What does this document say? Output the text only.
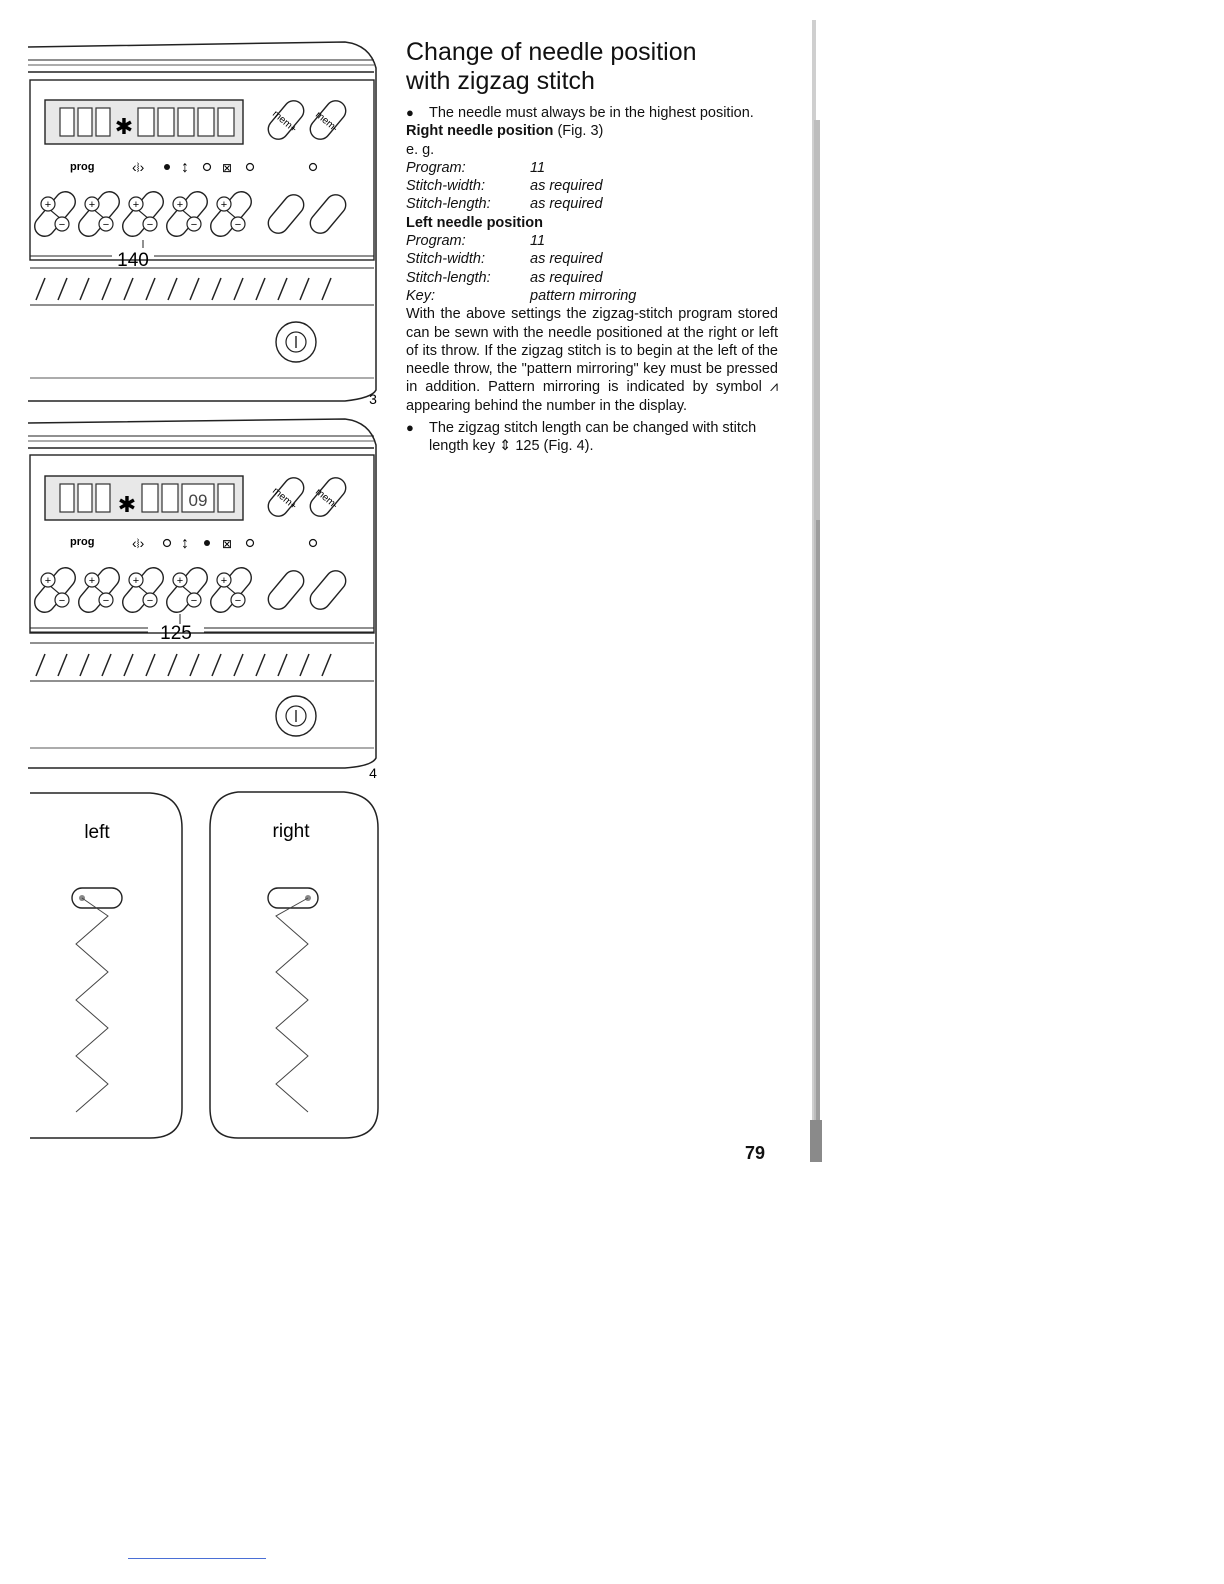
−
✱	mem+ mem-
prog	‹⧘› ↕	⊠
140
3
✱	09	mem+ mem-
prog	‹⧘› ↕	⊠
125
4
left	right
Change of needle position
with zigzag stitch
● The needle must always be in the highest position.
Right needle position (Fig. 3)
e. g.
Program:	11
Stitch-width:	as required
Stitch-length:	as required
Left needle position
Program:	11
Stitch-width:	as required
Stitch-length:	as required
Key:	pattern mirroring
With the above settings the zigzag-stitch program stored can be sewn with the needle positioned at the right or left of its throw. If the zigzag stitch is to begin at the left of the needle throw, the "pattern mirroring" key must be pressed in addition. Pattern mirroring is indicated by symbol ⩘ appearing behind the number in the display.
● The zigzag stitch length can be changed with stitch length key ⇕ 125 (Fig. 4).
79
